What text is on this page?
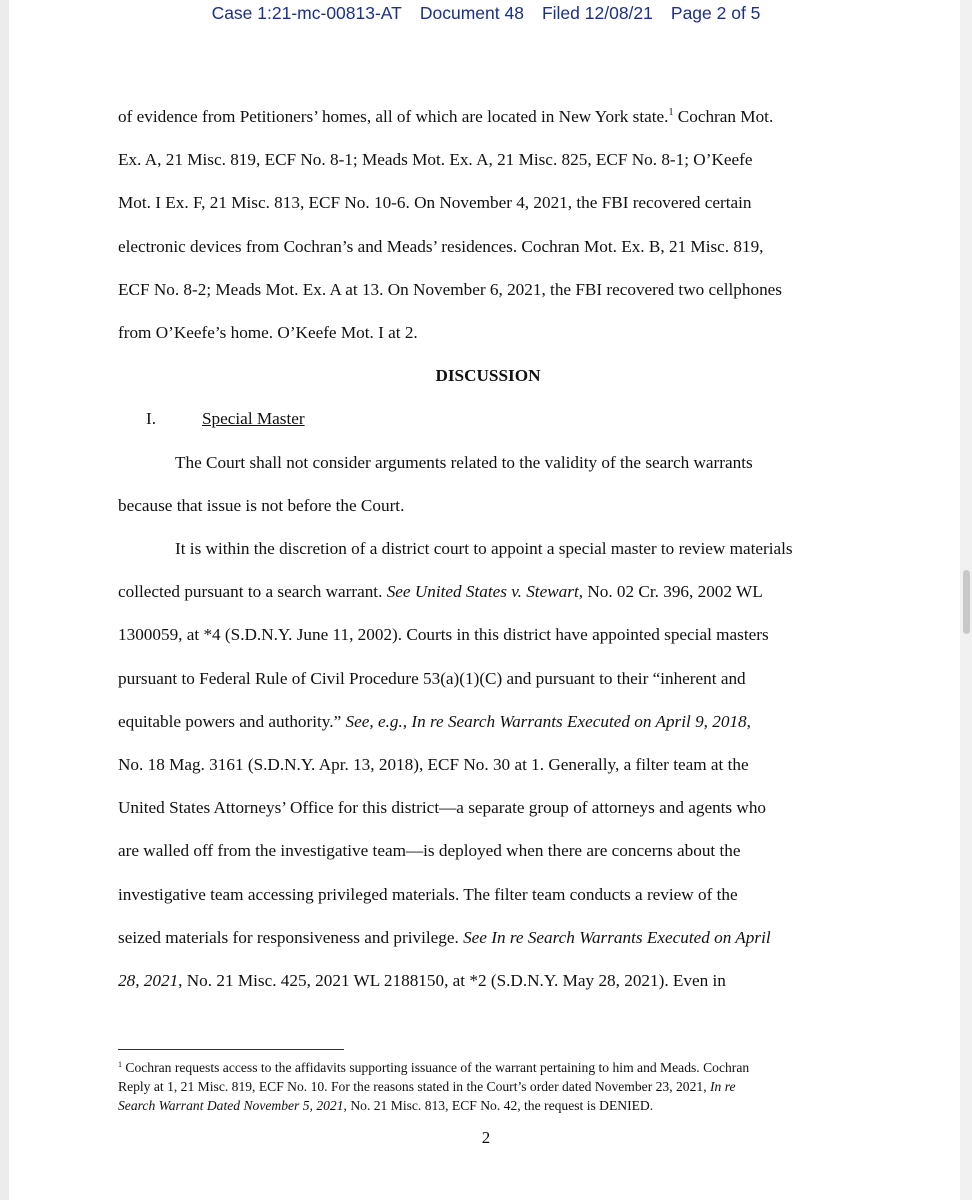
Case 1:21-mc-00813-AT Document 48 Filed 12/08/21 Page 2 of 5
of evidence from Petitioners’ homes, all of which are located in New York state.$^1$ Cochran Mot.
Ex. A, 21 Misc. 819, ECF No. 8-1; Meads Mot. Ex. A, 21 Misc. 825, ECF No. 8-1; O’Keefe
Mot. I Ex. F, 21 Misc. 813, ECF No. 10-6. On November 4, 2021, the FBI recovered certain
electronic devices from Cochran’s and Meads’ residences. Cochran Mot. Ex. B, 21 Misc. 819,
ECF No. 8-2; Meads Mot. Ex. A at 13. On November 6, 2021, the FBI recovered two cellphones
from O’Keefe’s home. O’Keefe Mot. I at 2.
DISCUSSION
I.	Special Master
The Court shall not consider arguments related to the validity of the search warrants
because that issue is not before the Court.
It is within the discretion of a district court to appoint a special master to review materials
collected pursuant to a search warrant. See United States v. Stewart, No. 02 Cr. 396, 2002 WL
1300059, at *4 (S.D.N.Y. June 11, 2002). Courts in this district have appointed special masters
pursuant to Federal Rule of Civil Procedure 53(a)(1)(C) and pursuant to their “inherent and
equitable powers and authority.” See, e.g., In re Search Warrants Executed on April 9, 2018,
No. 18 Mag. 3161 (S.D.N.Y. Apr. 13, 2018), ECF No. 30 at 1. Generally, a filter team at the
United States Attorneys’ Office for this district—a separate group of attorneys and agents who
are walled off from the investigative team—is deployed when there are concerns about the
investigative team accessing privileged materials. The filter team conducts a review of the
seized materials for responsiveness and privilege. See In re Search Warrants Executed on April
28, 2021, No. 21 Misc. 425, 2021 WL 2188150, at *2 (S.D.N.Y. May 28, 2021). Even in
$^1$ Cochran requests access to the affidavits supporting issuance of the warrant pertaining to him and Meads. Cochran
Reply at 1, 21 Misc. 819, ECF No. 10. For the reasons stated in the Court’s order dated November 23, 2021, In re
Search Warrant Dated November 5, 2021, No. 21 Misc. 813, ECF No. 42, the request is DENIED.
2
